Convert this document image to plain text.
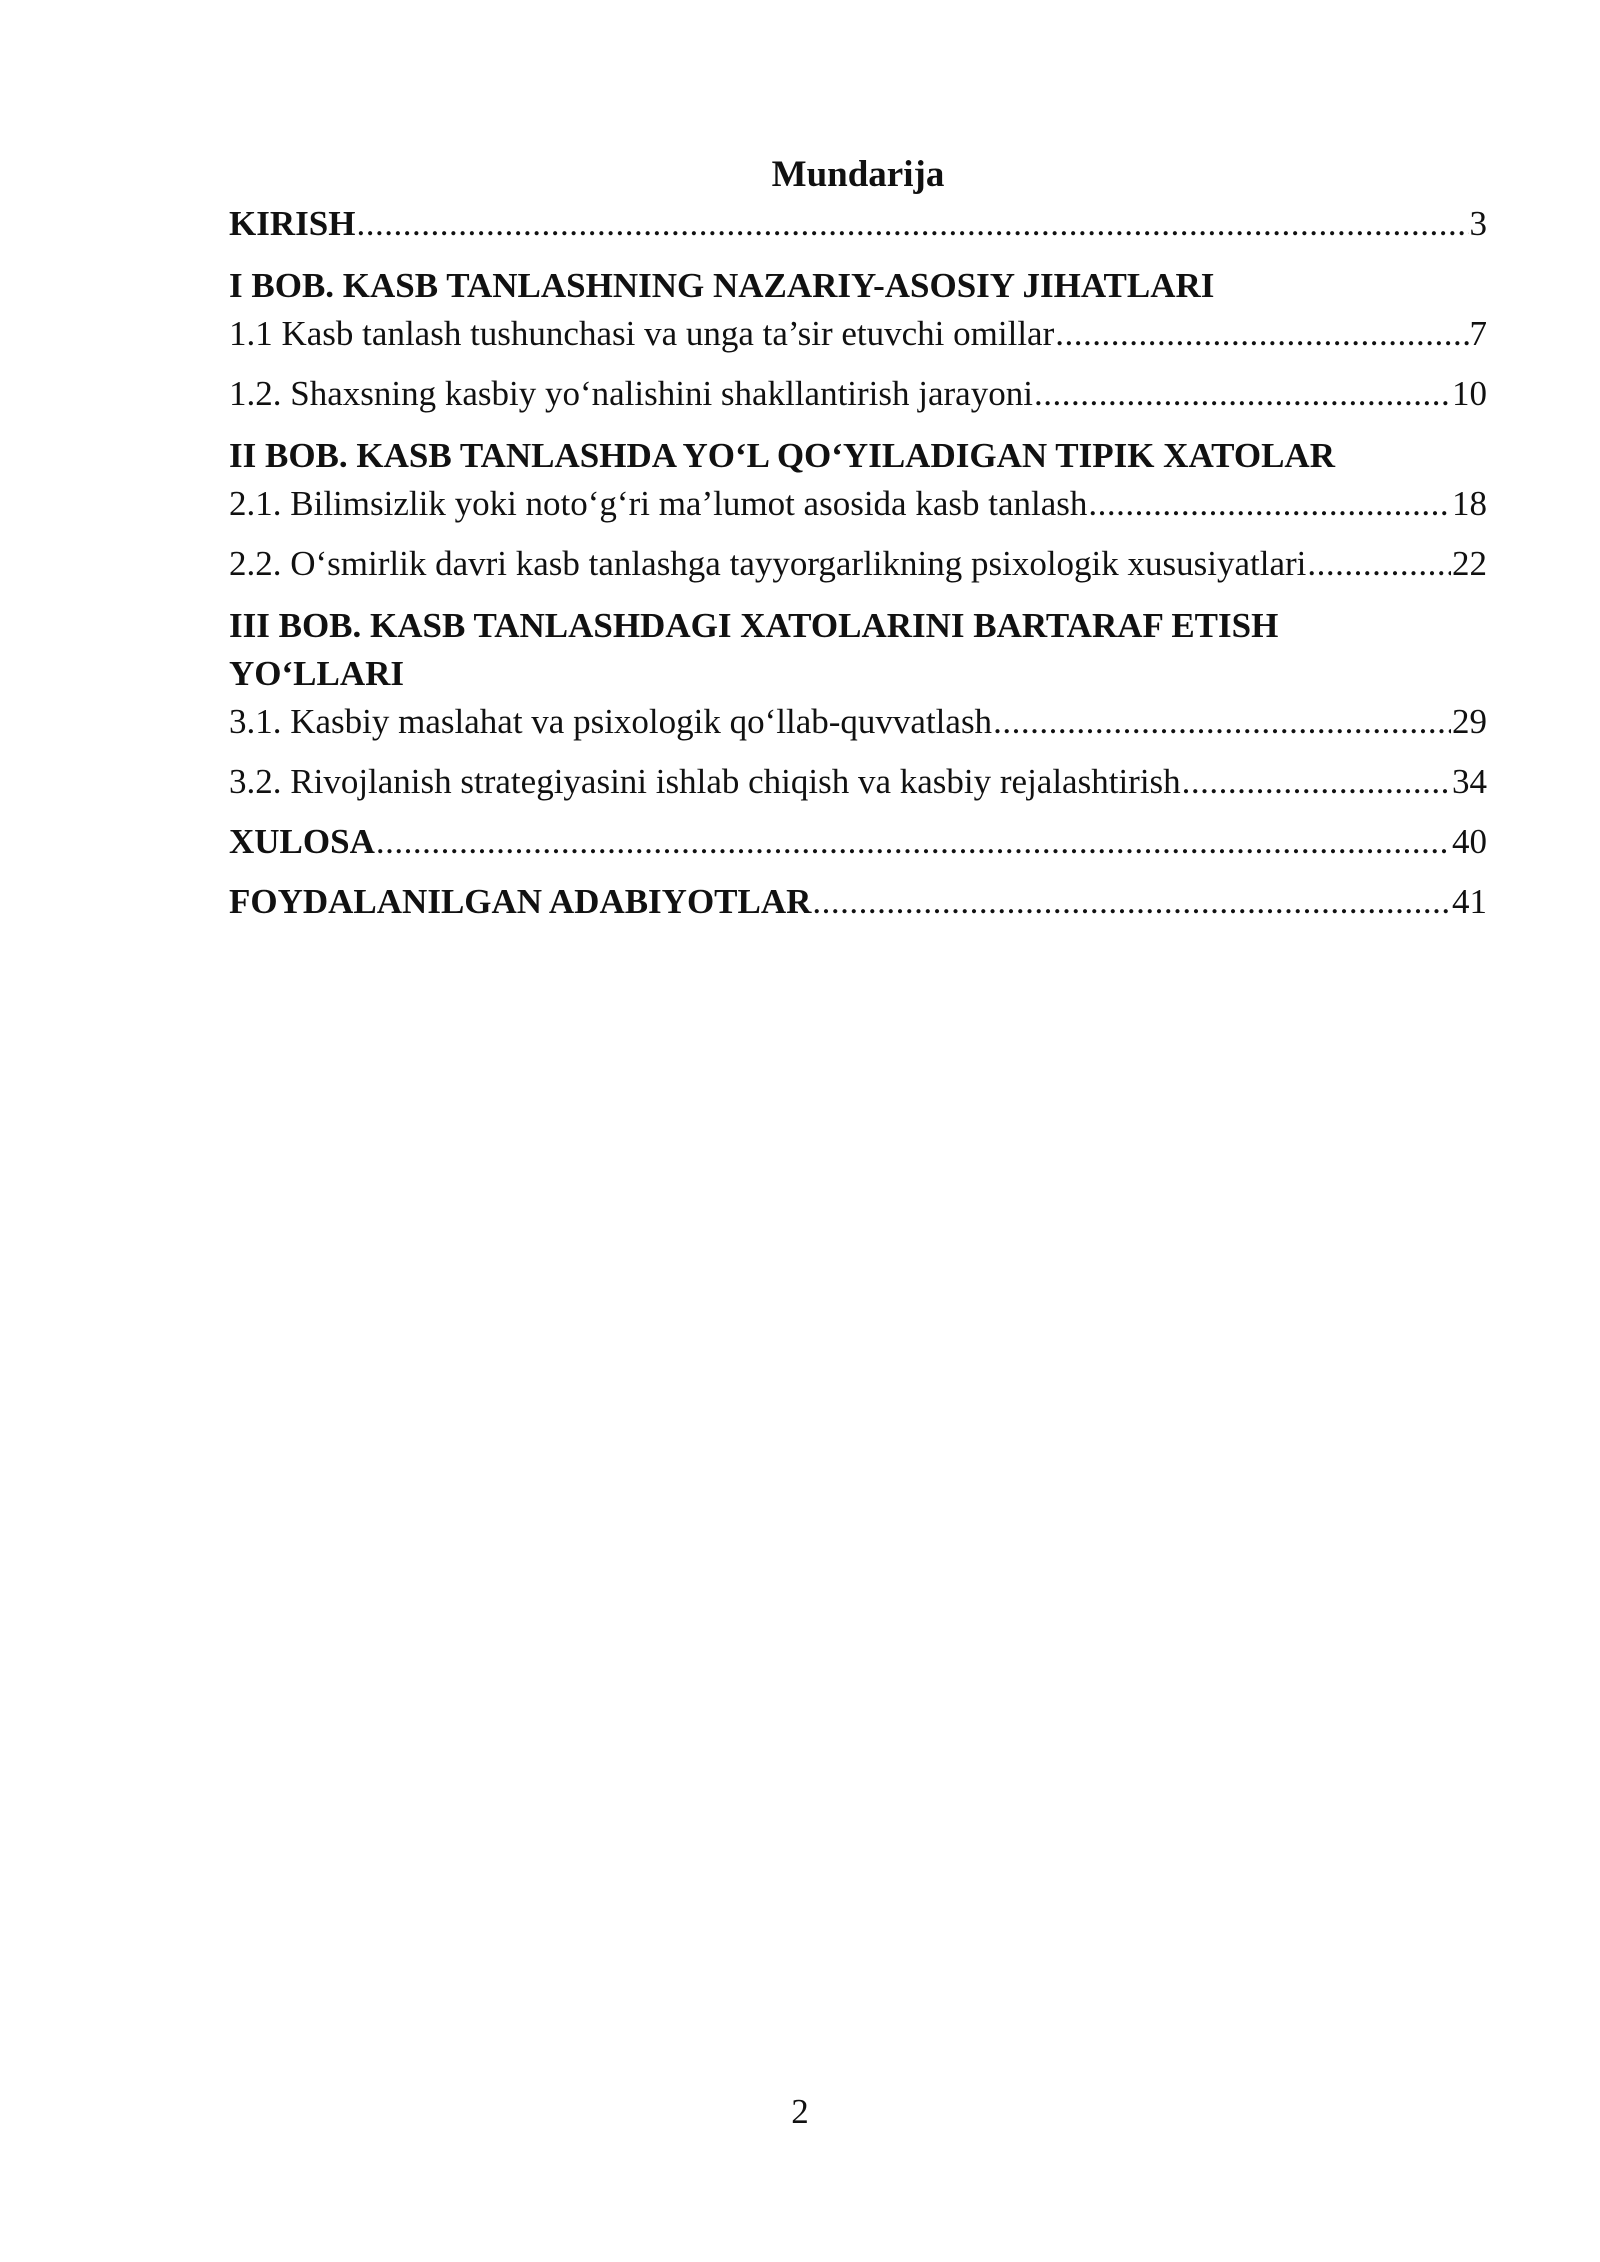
Mundarija
KIRISH .....	3
I BOB. KASB TANLASHNING NAZARIY-ASOSIY JIHATLARI
1.1 Kasb tanlash tushunchasi va unga ta’sir etuvchi omillar .....	7
1.2. Shaxsning kasbiy yo‘nalishini shakllantirish jarayoni .....	10
II BOB. KASB TANLASHDA YO‘L QO‘YILADIGAN TIPIK XATOLAR
2.1. Bilimsizlik yoki noto‘g‘ri ma’lumot asosida kasb tanlash .....	18
2.2. O‘smirlik davri kasb tanlashga tayyorgarlikning psixologik xususiyatlari .....	22
III BOB. KASB TANLASHDAGI XATOLARINI BARTARAF ETISH YO‘LLARI
3.1. Kasbiy maslahat va psixologik qo‘llab-quvvatlash .....	29
3.2. Rivojlanish strategiyasini ishlab chiqish va kasbiy rejalashtirish .....	34
XULOSA .....	40
FOYDALANILGAN ADABIYOTLAR .....	41
2
